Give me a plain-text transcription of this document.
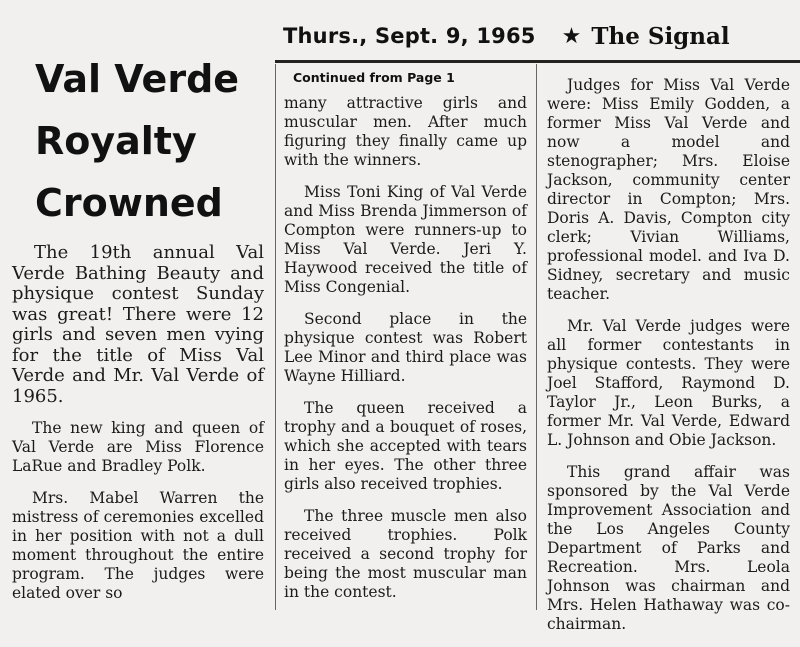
Thurs., Sept. 9, 1965 ★ The Signal
Val Verde
Royalty
Crowned

The 19th annual Val Verde Bathing Beauty and physique contest Sunday was great! There were 12 girls and seven men vying for the title of Miss Val Verde and Mr. Val Verde of 1965.

The new king and queen of Val Verde are Miss Florence LaRue and Bradley Polk.

Mrs. Mabel Warren the mistress of ceremonies excelled in her position with not a dull moment throughout the entire program. The judges were elated over so

Continued from Page 1

many attractive girls and muscular men. After much figuring they finally came up with the winners.

Miss Toni King of Val Verde and Miss Brenda Jimmerson of Compton were runners-up to Miss Val Verde. Jeri Y. Haywood received the title of Miss Congenial.

Second place in the physique contest was Robert Lee Minor and third place was Wayne Hilliard.

The queen received a trophy and a bouquet of roses, which she accepted with tears in her eyes. The other three girls also received trophies.

The three muscle men also received trophies. Polk received a second trophy for being the most muscular man in the contest.

Judges for Miss Val Verde were: Miss Emily Godden, a former Miss Val Verde and now a model and stenographer; Mrs. Eloise Jackson, community center director in Compton; Mrs. Doris A. Davis, Compton city clerk; Vivian Williams, professional model. and Iva D. Sidney, secretary and music teacher.

Mr. Val Verde judges were all former contestants in physique contests. They were Joel Stafford, Raymond D. Taylor Jr., Leon Burks, a former Mr. Val Verde, Edward L. Johnson and Obie Jackson.

This grand affair was sponsored by the Val Verde Improvement Association and the Los Angeles County Department of Parks and Recreation. Mrs. Leola Johnson was chairman and Mrs. Helen Hathaway was co-chairman.
